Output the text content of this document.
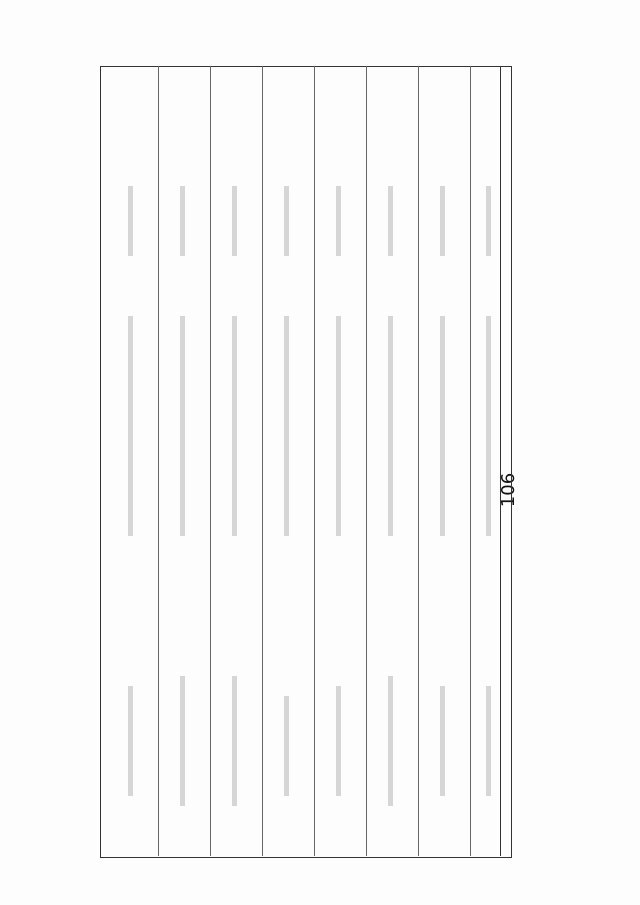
106
